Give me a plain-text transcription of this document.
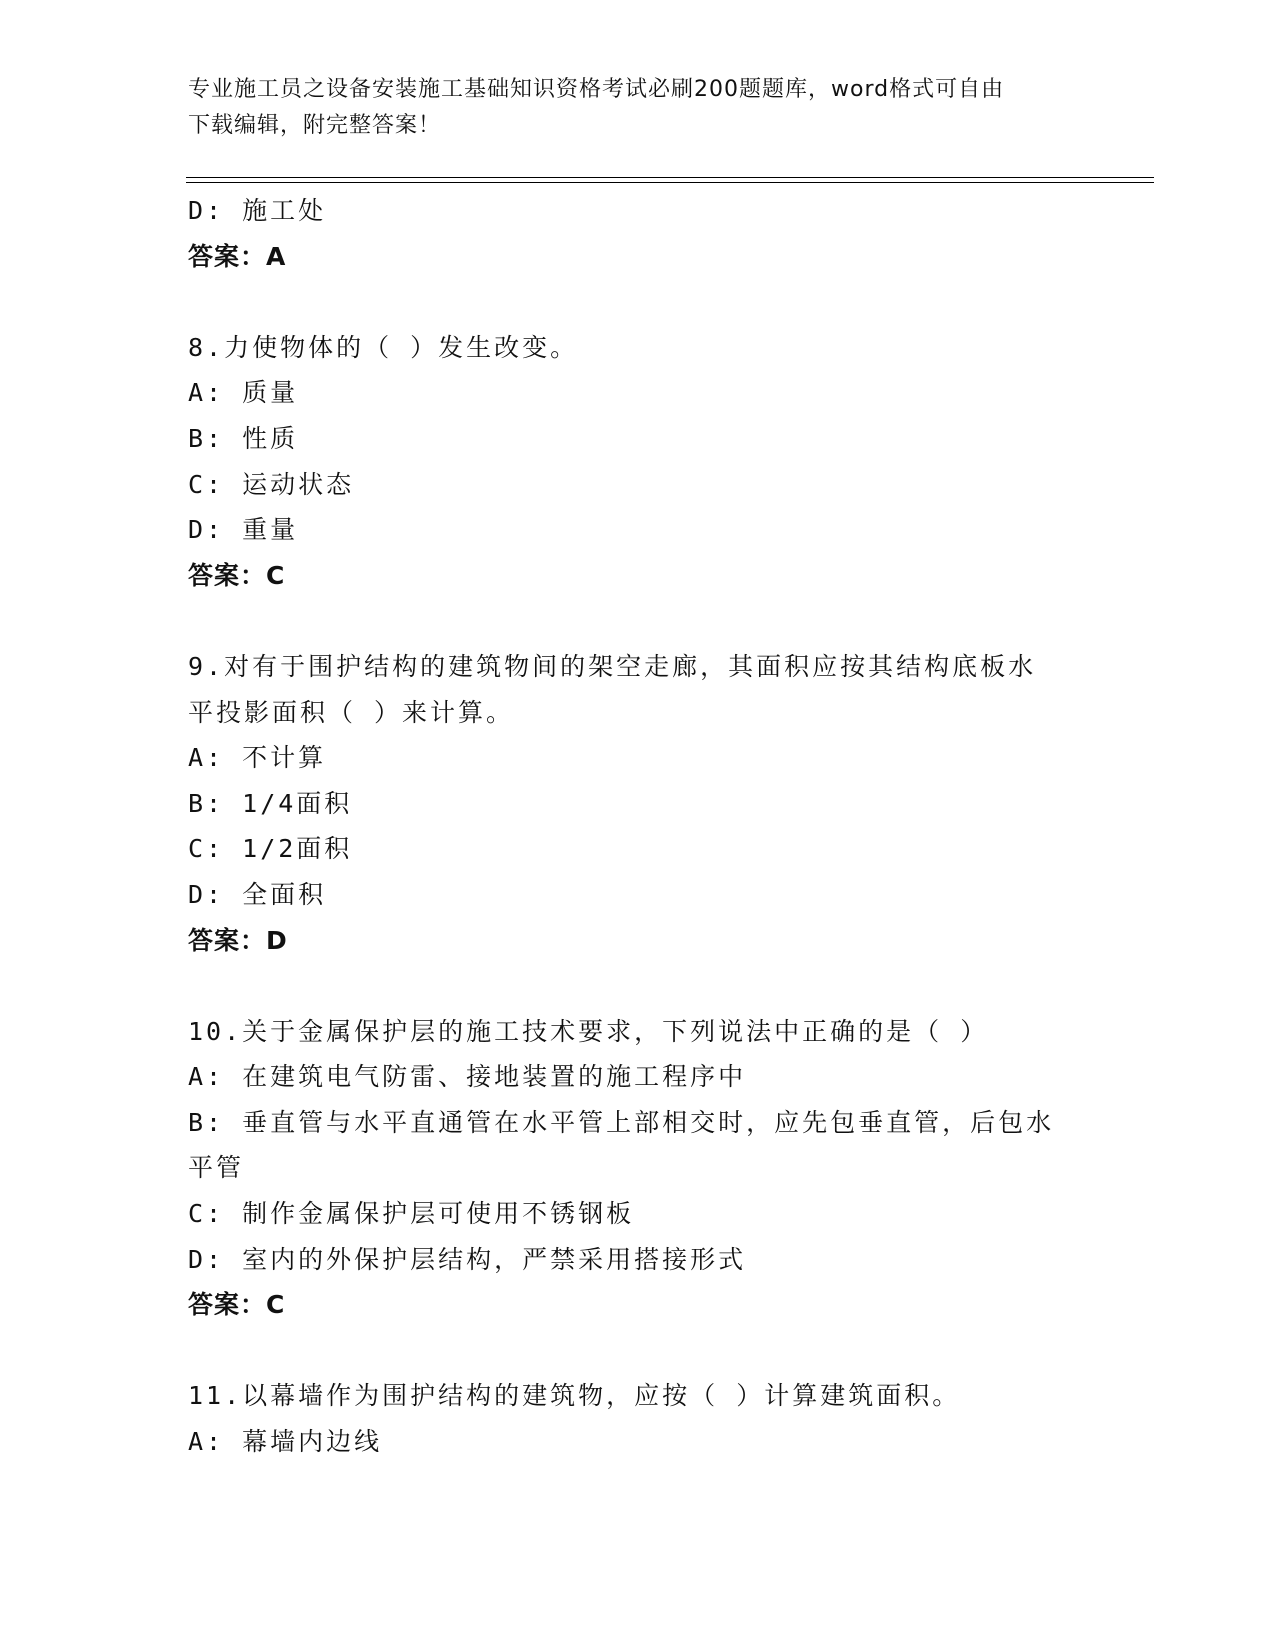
专业施工员之设备安装施工基础知识资格考试必刷200题题库，word格式可自由
下载编辑，附完整答案！
D: 施工处
答案：A
8.力使物体的（ ）发生改变。
A: 质量
B: 性质
C: 运动状态
D: 重量
答案：C
9.对有于围护结构的建筑物间的架空走廊，其面积应按其结构底板水
平投影面积（ ）来计算。
A: 不计算
B: 1/4面积
C: 1/2面积
D: 全面积
答案：D
10.关于金属保护层的施工技术要求，下列说法中正确的是（ ）
A: 在建筑电气防雷、接地装置的施工程序中
B: 垂直管与水平直通管在水平管上部相交时，应先包垂直管，后包水
平管
C: 制作金属保护层可使用不锈钢板
D: 室内的外保护层结构，严禁采用搭接形式
答案：C
11.以幕墙作为围护结构的建筑物，应按（ ）计算建筑面积。
A: 幕墙内边线
